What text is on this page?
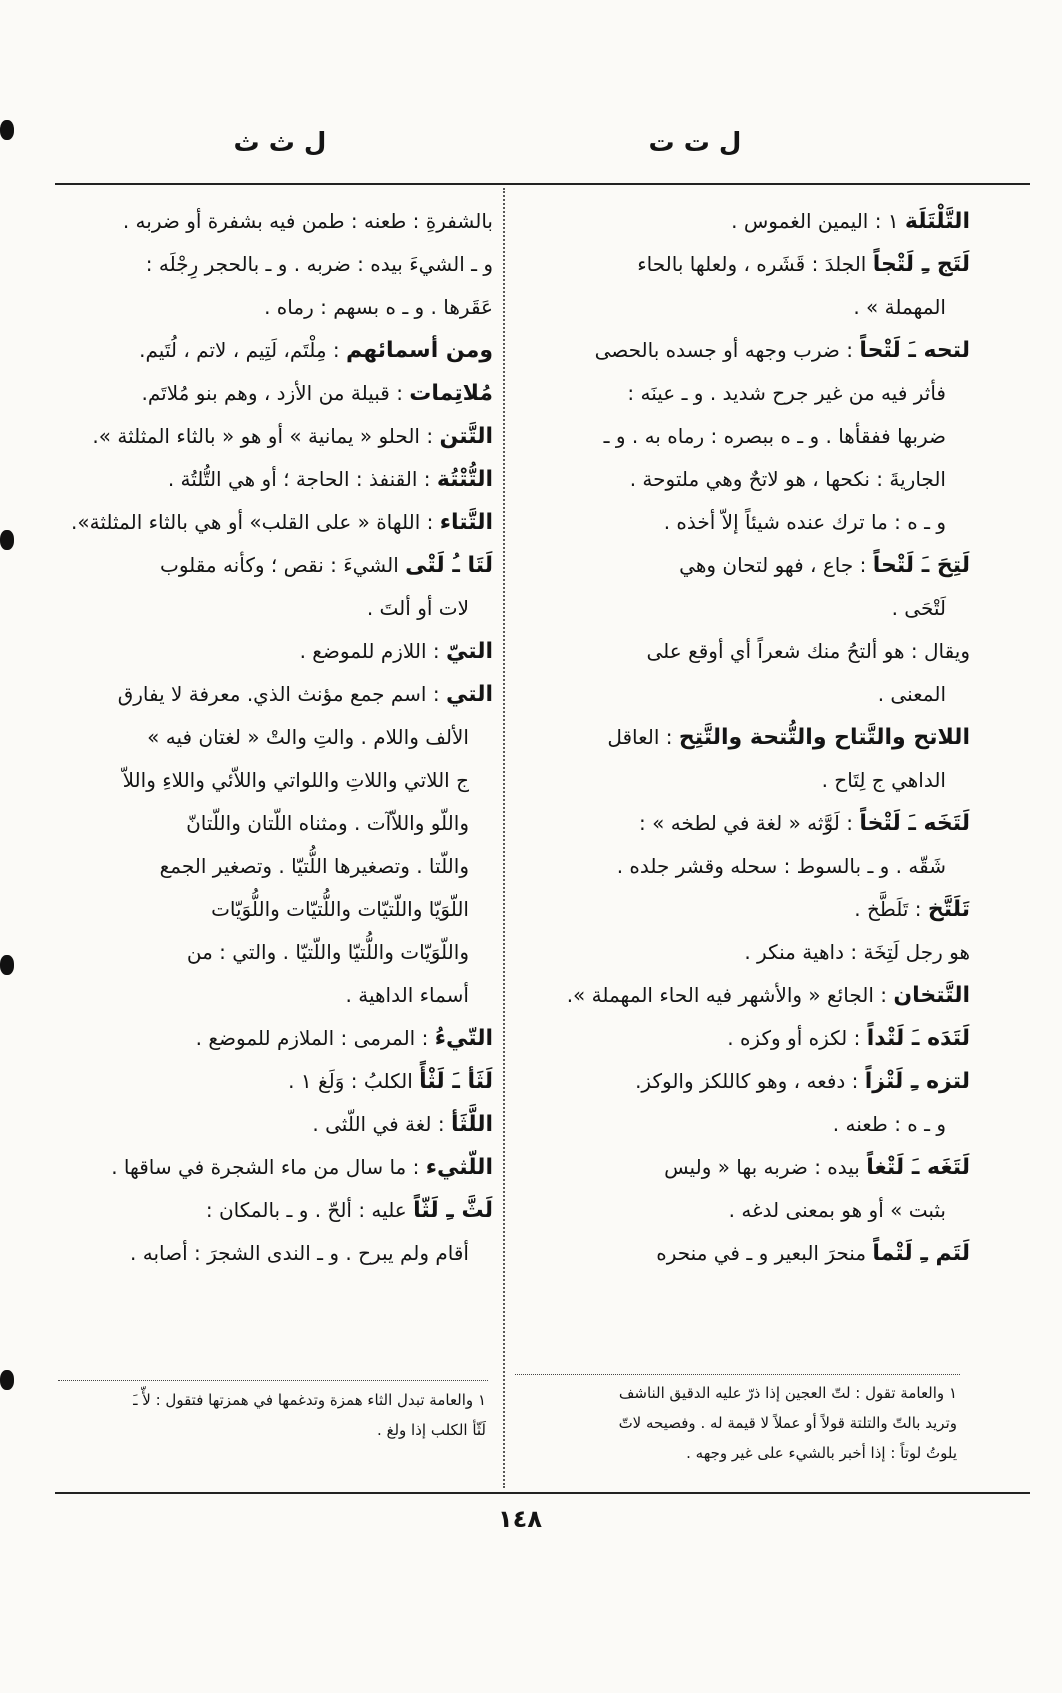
ل ت ت
ل ث ث
التَّلْتَلَة ١ : اليمين الغموس .
لَتَج ـِ لَتْجاً الجلدَ : قَشَره ، ولعلها بالحاء
المهملة » .
لتحه ـَ لَتْحاً : ضرب وجهه أو جسده بالحصى
فأثر فيه من غير جرح شديد . و ـ عينَه :
ضربها ففقأها . و ـ ه ببصره : رماه به . و ـ
الجاريةَ : نكحها ، هو لاتحٌ وهي ملتوحة .
و ـ ه : ما ترك عنده شيئاً إلاّ أخذه .
لَتِحَ ـَ لَتْحاً : جاع ، فهو لتحان وهي
لَتْحَى .
ويقال : هو ألتحُ منك شعراً أي أوقع على
المعنى .
اللاتح والتَّتاح والتُّتحة والتَّتِح : العاقل
الداهي ج لِتَاح .
لَتَخَه ـَ لَتْخاً : لَوَّثه « لغة في لطخه » :
شَقّه . و ـ بالسوط : سحله وقشر جلده .
تَلَتَّخ : تَلَطَّخ .
هو رجل لَتِخَة : داهية منكر .
التَّتخان : الجائع « والأشهر فيه الحاء المهملة ».
لَتَدَه ـَ لَتْداً : لكزه أو وكزه .
لتزه ـِ لَتْزاً : دفعه ، وهو كاللكز والوكز.
و ـ ه : طعنه .
لَتَغَه ـَ لَتْغاً بيده : ضربه بها « وليس
بثبت » أو هو بمعنى لدغه .
لَتَم ـِ لَتْماً منحرَ البعير و ـ في منحره
بالشفرةِ : طعنه : طمن فيه بشفرة أو ضربه .
و ـ الشيءَ بيده : ضربه . و ـ بالحجر رِجْلَه :
عَقَرها . و ـ ه بسهم : رماه .
ومن أسمائهم : مِلْتَم، لَتِيم ، لاتم ، لُتَيم.
مُلاتِمات : قبيلة من الأزد ، وهم بنو مُلاتَم.
التَّتن : الحلو « يمانية » أو هو « بالثاء المثلثة ».
التُّتْتُة : القنفذ : الحاجة ؛ أو هي التُّلتُة .
التَّتاء : اللهاة « على القلب» أو هي بالثاء المثلثة».
لَتَا ـُ لَتْى الشيءَ : نقص ؛ وكأنه مقلوب
لات أو ألتَ .
التيّ : اللازم للموضع .
التي : اسم جمع مؤنث الذي. معرفة لا يفارق
الألف واللام . والتِ والتْ « لغتان فيه »
ج اللاتي واللاتِ واللواتي واللاّئي واللاءِ واللاّ
واللّو واللاّآت . ومثناه اللّتان واللّتانّ
واللّتا . وتصغيرها اللُّتيّا . وتصغير الجمع
اللّوَيّا واللّتيّات واللُّتيّات واللُّوَيّات
واللّوَيّات واللُّتيّا واللّتيّا . والتي : من
أسماء الداهية .
التّيءُ : المرمى : الملازم للموضع .
لَثَأ ـَ لَثْأً الكلبُ : وَلَغ ١ .
اللَّثَأ : لغة في اللّثى .
اللّثيء : ما سال من ماء الشجرة في ساقها .
لَثَّ ـِ لَثّاً عليه : ألحّ . و ـ بالمكان :
أقام ولم يبرح . و ـ الندى الشجرَ : أصابه .
١ والعامة تقول : لتّ العجين إذا ذرّ عليه الدقيق الناشف
وتريد بالتّ والتلتة قولاً أو عملاً لا قيمة له . وفصيحه لاتّ
يلوتُ لوتاً : إذا أخبر بالشيء على غير وجهه .
١ والعامة تبدل الثاء همزة وتدغمها في همزتها فتقول : لأّ ـَ
لَثّأ الكلب إذا ولغ .
١٤٨
